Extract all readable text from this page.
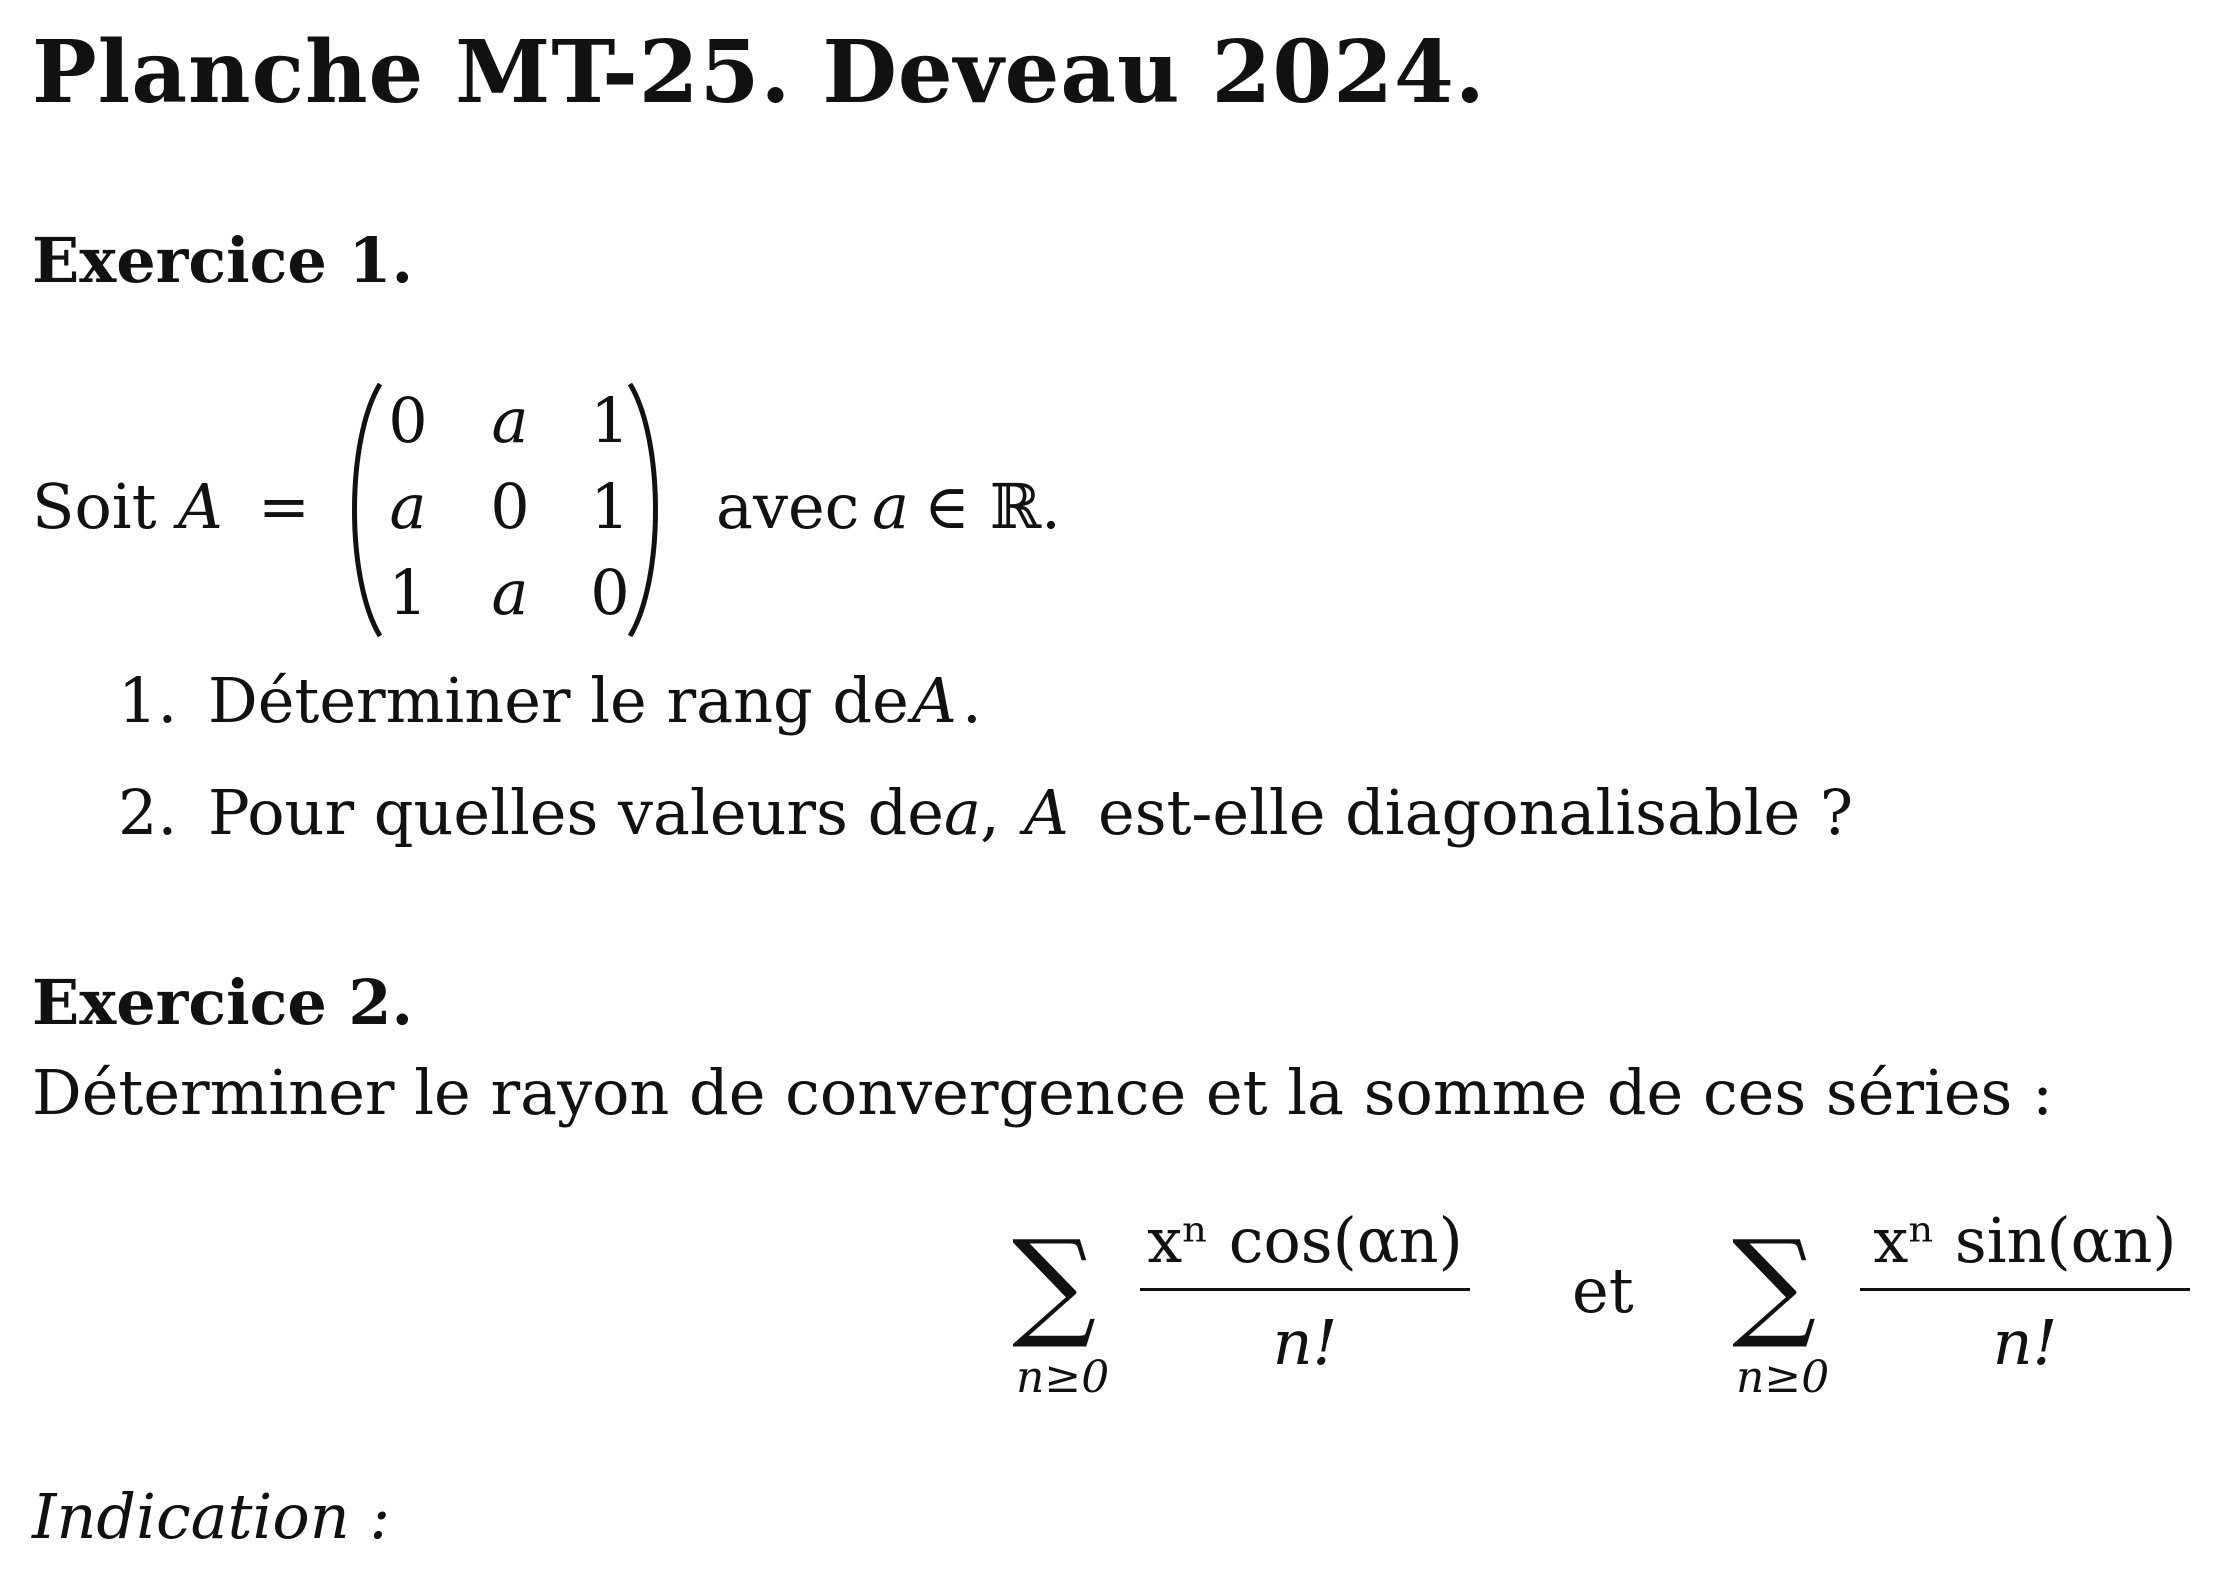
Planche MT-25. Deveau 2024.
Exercice 1.
Soit A =
0 a 1
a 0 1
1 a 0
avec a ∈ ℝ.
1. Déterminer le rang de A .
2. Pour quelles valeurs de a , A est-elle diagonalisable ?
Exercice 2.
Déterminer le rayon de convergence et la somme de ces séries :
∑
n≥0
xⁿ cos(αn)
n!
et ∑
n≥0
xⁿ sin(αn)
n!
Indication :
